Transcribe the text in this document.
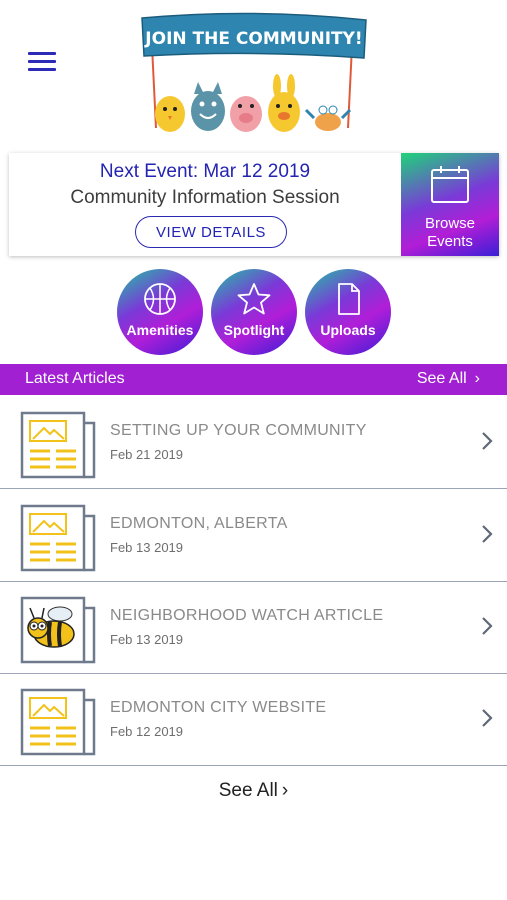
JOIN THE COMMUNITY!
Next Event: Mar 12 2019
Community Information Session
VIEW DETAILS	Browse
Events
Amenities	Spotlight	Uploads
Latest Articles	See All ›
SETTING UP YOUR COMMUNITY
Feb 21 2019
EDMONTON, ALBERTA
Feb 13 2019
NEIGHBORHOOD WATCH ARTICLE
Feb 13 2019
EDMONTON CITY WEBSITE
Feb 12 2019
See All ›
